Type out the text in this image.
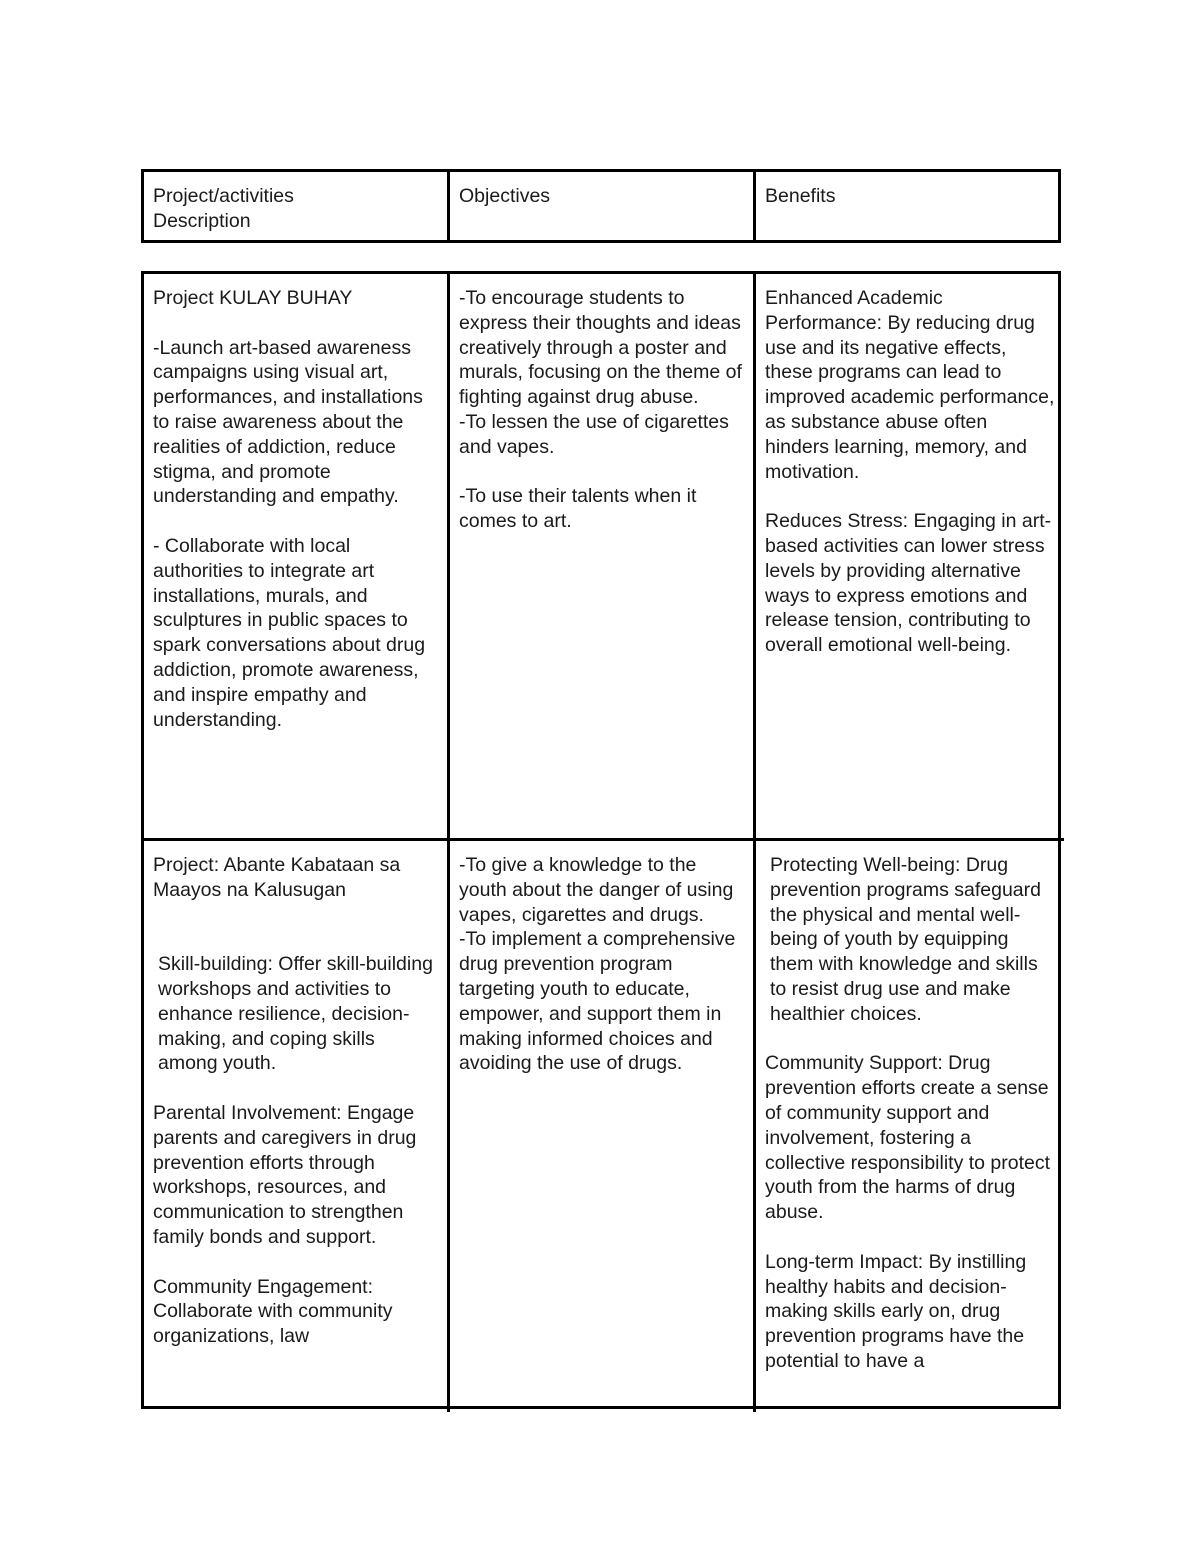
Project/activities
Description
Objectives	Benefits

Project KULAY BUHAY

-Launch art-based awareness campaigns using visual art, performances, and installations to raise awareness about the realities of addiction, reduce stigma, and promote understanding and empathy.

- Collaborate with local authorities to integrate art installations, murals, and sculptures in public spaces to spark conversations about drug addiction, promote awareness, and inspire empathy and understanding.

-To encourage students to express their thoughts and ideas creatively through a poster and murals, focusing on the theme of fighting against drug abuse.

-To lessen the use of cigarettes and vapes.

-To use their talents when it comes to art.

Enhanced Academic Performance: By reducing drug use and its negative effects, these programs can lead to improved academic performance, as substance abuse often hinders learning, memory, and motivation.

Reduces Stress: Engaging in art-based activities can lower stress levels by providing alternative ways to express emotions and release tension, contributing to overall emotional well-being.

Project: Abante Kabataan sa Maayos na Kalusugan

Skill-building: Offer skill-building workshops and activities to enhance resilience, decision-making, and coping skills among youth.

Parental Involvement: Engage parents and caregivers in drug prevention efforts through workshops, resources, and communication to strengthen family bonds and support.

Community Engagement: Collaborate with community organizations, law

-To give a knowledge to the youth about the danger of using vapes, cigarettes and drugs.

-To implement a comprehensive drug prevention program targeting youth to educate, empower, and support them in making informed choices and avoiding the use of drugs.

Protecting Well-being: Drug prevention programs safeguard the physical and mental well-being of youth by equipping them with knowledge and skills to resist drug use and make healthier choices.

Community Support: Drug prevention efforts create a sense of community support and involvement, fostering a collective responsibility to protect youth from the harms of drug abuse.

Long-term Impact: By instilling healthy habits and decision-making skills early on, drug prevention programs have the potential to have a
